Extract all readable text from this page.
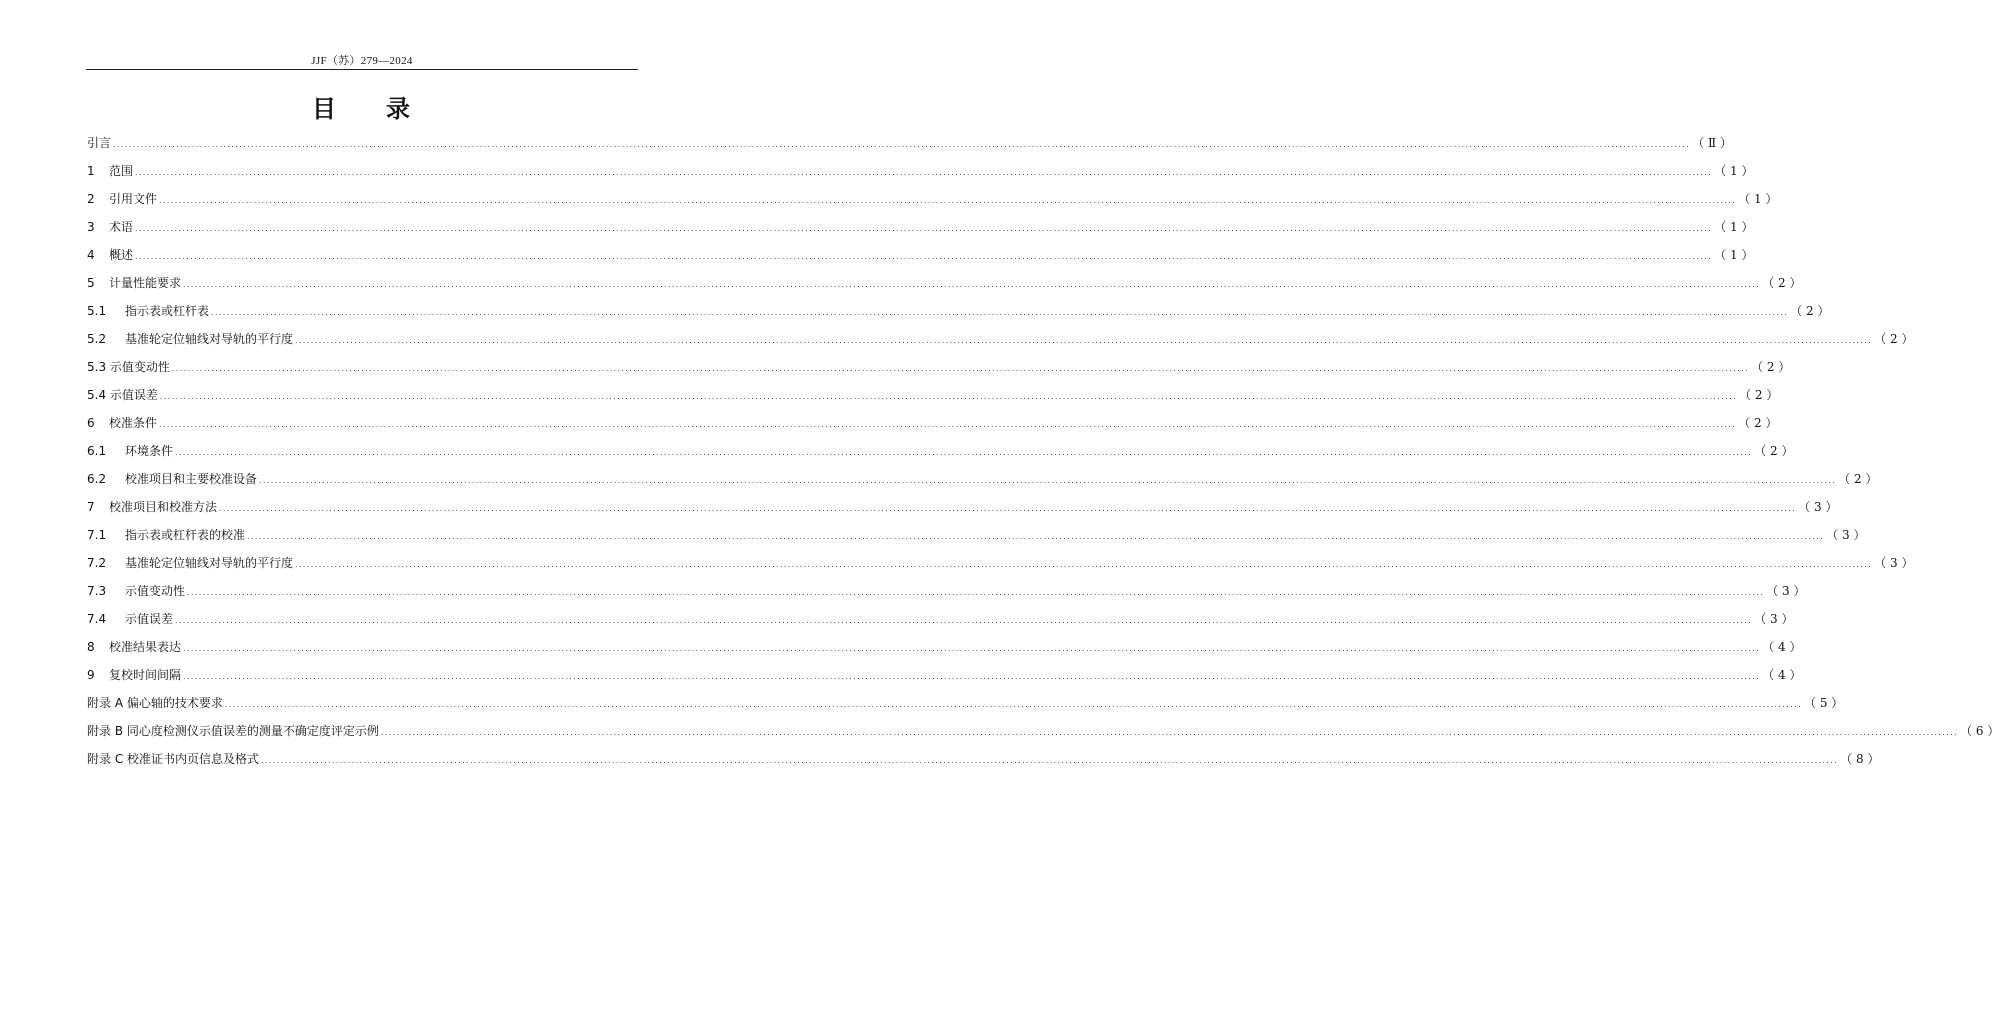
JJF（苏）279—2024
目 录
引言 ................................................................................................................................................................................................................................................................................................................................................................................................................ （ Ⅱ ）
1 范围 ................................................................................................................................................................................................................................................................................................................................................................................................................ （ 1 ）
2 引用文件 ................................................................................................................................................................................................................................................................................................................................................................................................................ （ 1 ）
3 术语 ................................................................................................................................................................................................................................................................................................................................................................................................................ （ 1 ）
4 概述 ................................................................................................................................................................................................................................................................................................................................................................................................................ （ 1 ）
5 计量性能要求 ................................................................................................................................................................................................................................................................................................................................................................................................................ （ 2 ）
5.1 指示表或杠杆表 ................................................................................................................................................................................................................................................................................................................................................................................................................ （ 2 ）
5.2 基准轮定位轴线对导轨的平行度 ................................................................................................................................................................................................................................................................................................................................................................................................................ （ 2 ）
5.3 示值变动性 ................................................................................................................................................................................................................................................................................................................................................................................................................ （ 2 ）
5.4 示值误差 ................................................................................................................................................................................................................................................................................................................................................................................................................ （ 2 ）
6 校准条件 ................................................................................................................................................................................................................................................................................................................................................................................................................ （ 2 ）
6.1 环境条件 ................................................................................................................................................................................................................................................................................................................................................................................................................ （ 2 ）
6.2 校准项目和主要校准设备 ................................................................................................................................................................................................................................................................................................................................................................................................................ （ 2 ）
7 校准项目和校准方法 ................................................................................................................................................................................................................................................................................................................................................................................................................ （ 3 ）
7.1 指示表或杠杆表的校准 ................................................................................................................................................................................................................................................................................................................................................................................................................ （ 3 ）
7.2 基准轮定位轴线对导轨的平行度 ................................................................................................................................................................................................................................................................................................................................................................................................................ （ 3 ）
7.3 示值变动性 ................................................................................................................................................................................................................................................................................................................................................................................................................ （ 3 ）
7.4 示值误差 ................................................................................................................................................................................................................................................................................................................................................................................................................ （ 3 ）
8 校准结果表达 ................................................................................................................................................................................................................................................................................................................................................................................................................ （ 4 ）
9 复校时间间隔 ................................................................................................................................................................................................................................................................................................................................................................................................................ （ 4 ）
附录 A 偏心轴的技术要求 ................................................................................................................................................................................................................................................................................................................................................................................................................ （ 5 ）
附录 B 同心度检测仪示值误差的测量不确定度评定示例 ................................................................................................................................................................................................................................................................................................................................................................................................................ （ 6 ）
附录 C 校准证书内页信息及格式 ................................................................................................................................................................................................................................................................................................................................................................................................................ （ 8 ）
